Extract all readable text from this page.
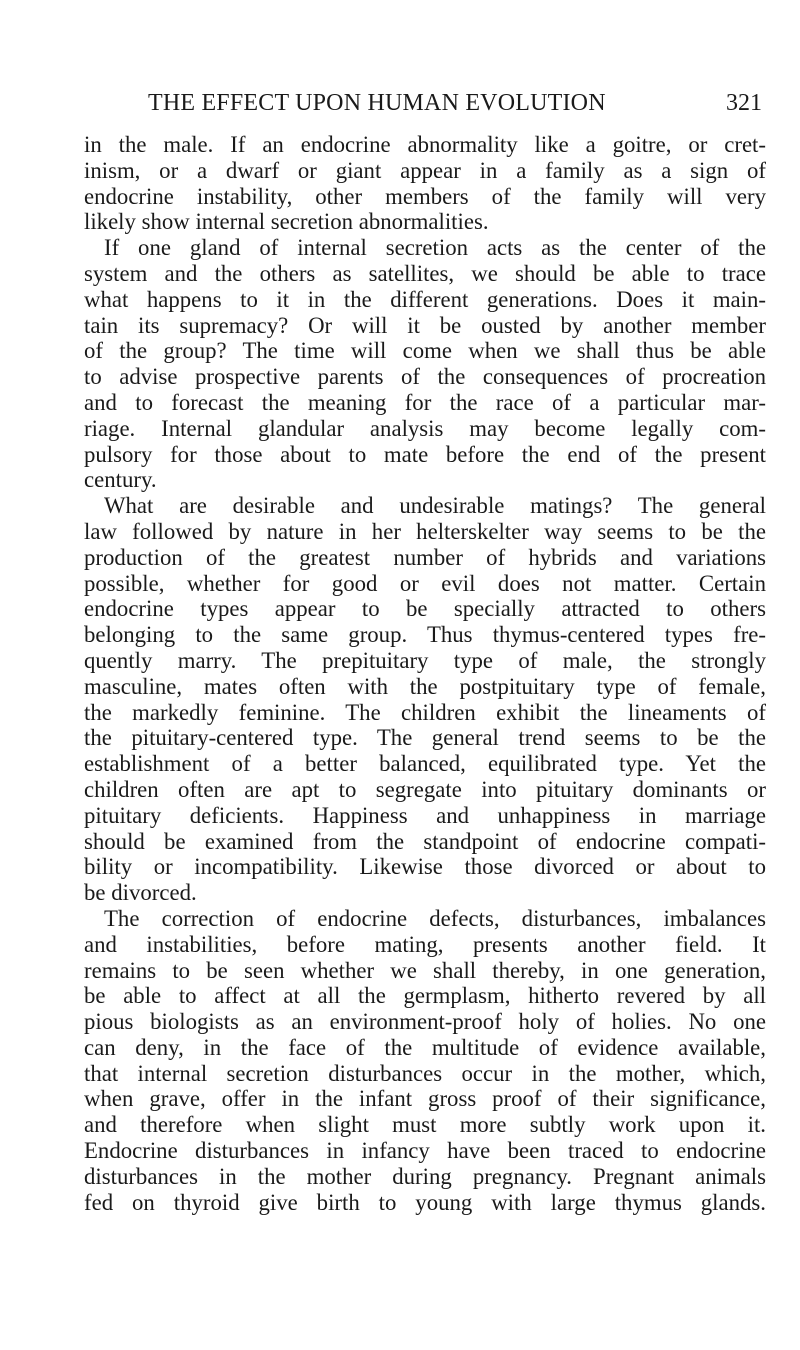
THE EFFECT UPON HUMAN EVOLUTION	321
in the male. If an endocrine abnormality like a goitre, or cret-
inism, or a dwarf or giant appear in a family as a sign of
endocrine instability, other members of the family will very
likely show internal secretion abnormalities.
If one gland of internal secretion acts as the center of the
system and the others as satellites, we should be able to trace
what happens to it in the different generations. Does it main-
tain its supremacy? Or will it be ousted by another member
of the group? The time will come when we shall thus be able
to advise prospective parents of the consequences of procreation
and to forecast the meaning for the race of a particular mar-
riage. Internal glandular analysis may become legally com-
pulsory for those about to mate before the end of the present
century.
What are desirable and undesirable matings? The general
law followed by nature in her helterskelter way seems to be the
production of the greatest number of hybrids and variations
possible, whether for good or evil does not matter. Certain
endocrine types appear to be specially attracted to others
belonging to the same group. Thus thymus-centered types fre-
quently marry. The prepituitary type of male, the strongly
masculine, mates often with the postpituitary type of female,
the markedly feminine. The children exhibit the lineaments of
the pituitary-centered type. The general trend seems to be the
establishment of a better balanced, equilibrated type. Yet the
children often are apt to segregate into pituitary dominants or
pituitary deficients. Happiness and unhappiness in marriage
should be examined from the standpoint of endocrine compati-
bility or incompatibility. Likewise those divorced or about to
be divorced.
The correction of endocrine defects, disturbances, imbalances
and instabilities, before mating, presents another field. It
remains to be seen whether we shall thereby, in one generation,
be able to affect at all the germplasm, hitherto revered by all
pious biologists as an environment-proof holy of holies. No one
can deny, in the face of the multitude of evidence available,
that internal secretion disturbances occur in the mother, which,
when grave, offer in the infant gross proof of their significance,
and therefore when slight must more subtly work upon it.
Endocrine disturbances in infancy have been traced to endocrine
disturbances in the mother during pregnancy. Pregnant animals
fed on thyroid give birth to young with large thymus glands.
